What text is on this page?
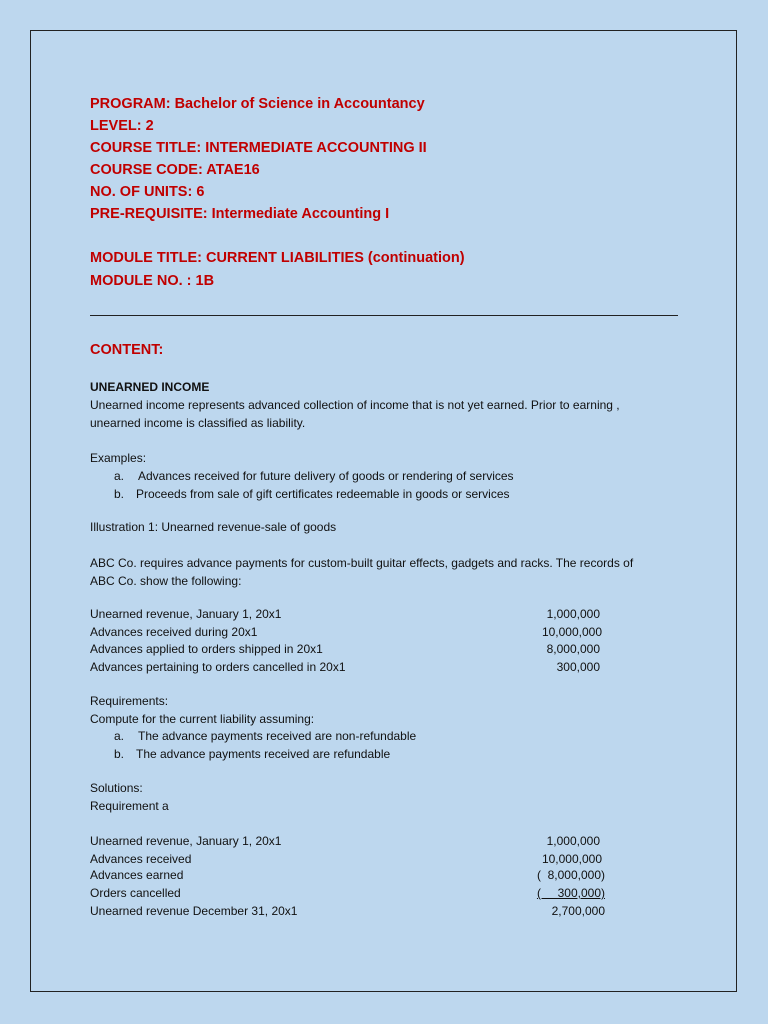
PROGRAM: Bachelor of Science in Accountancy
LEVEL: 2
COURSE TITLE: INTERMEDIATE ACCOUNTING II
COURSE CODE: ATAE16
NO. OF UNITS: 6
PRE-REQUISITE: Intermediate Accounting I
MODULE TITLE: CURRENT LIABILITIES (continuation)
MODULE NO. : 1B
CONTENT:
UNEARNED INCOME
Unearned income represents advanced collection of income that is not yet earned. Prior to earning ,
unearned income is classified as liability.
Examples:
a. Advances received for future delivery of goods or rendering of services
b. Proceeds from sale of gift certificates redeemable in goods or services
Illustration 1: Unearned revenue-sale of goods
ABC Co. requires advance payments for custom-built guitar effects, gadgets and racks. The records of
ABC Co. show the following:
Unearned revenue, January 1, 20x1	1,000,000
Advances received during 20x1	10,000,000
Advances applied to orders shipped in 20x1	8,000,000
Advances pertaining to orders cancelled in 20x1	300,000
Requirements:
Compute for the current liability assuming:
a. The advance payments received are non-refundable
b. The advance payments received are refundable
Solutions:
Requirement a
Unearned revenue, January 1, 20x1	1,000,000
Advances received	10,000,000
Advances earned	(  8,000,000)
Orders cancelled	(     300,000)
Unearned revenue December 31, 20x1	2,700,000
